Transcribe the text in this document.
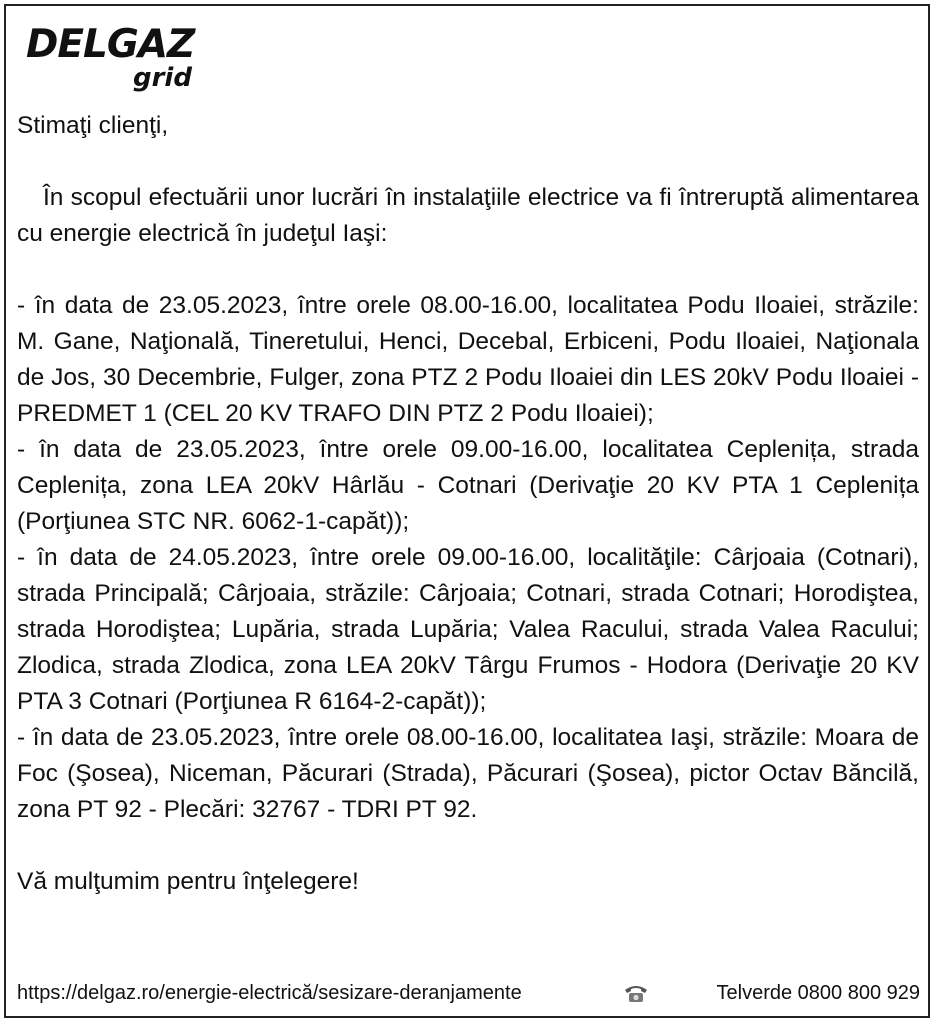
DELGAZ
grid

Stimaţi clienţi,

În scopul efectuării unor lucrări în instalaţiile electrice va fi întreruptă alimentarea cu energie electrică în judeţul Iaşi:

- în data de 23.05.2023, între orele 08.00-16.00, localitatea Podu Iloaiei, străzile: M. Gane, Naţională, Tineretului, Henci, Decebal, Erbiceni, Podu Iloaiei, Naţionala de Jos, 30 Decembrie, Fulger, zona PTZ 2 Podu Iloaiei din LES 20kV Podu Iloaiei - PREDMET 1 (CEL 20 KV TRAFO DIN PTZ 2 Podu Iloaiei);

- în data de 23.05.2023, între orele 09.00-16.00, localitatea Ceplenița, strada Ceplenița, zona LEA 20kV Hârlău - Cotnari (Derivaţie 20 KV PTA 1 Ceplenița (Porţiunea STC NR. 6062-1-capăt));

- în data de 24.05.2023, între orele 09.00-16.00, localităţile: Cârjoaia (Cotnari), strada Principală; Cârjoaia, străzile: Cârjoaia; Cotnari, strada Cotnari; Horodiştea, strada Horodiştea; Lupăria, strada Lupăria; Valea Racului, strada Valea Racului; Zlodica, strada Zlodica, zona LEA 20kV Târgu Frumos - Hodora (Derivaţie 20 KV PTA 3 Cotnari (Porţiunea R 6164-2-capăt));

- în data de 23.05.2023, între orele 08.00-16.00, localitatea Iaşi, străzile: Moara de Foc (Şosea), Niceman, Păcurari (Strada), Păcurari (Şosea), pictor Octav Băncilă, zona PT 92 - Plecări: 32767 - TDRI PT 92.

Vă mulţumim pentru înţelegere!

https://delgaz.ro/energie-electrică/sesizare-deranjamente	Telverde 0800 800 929
